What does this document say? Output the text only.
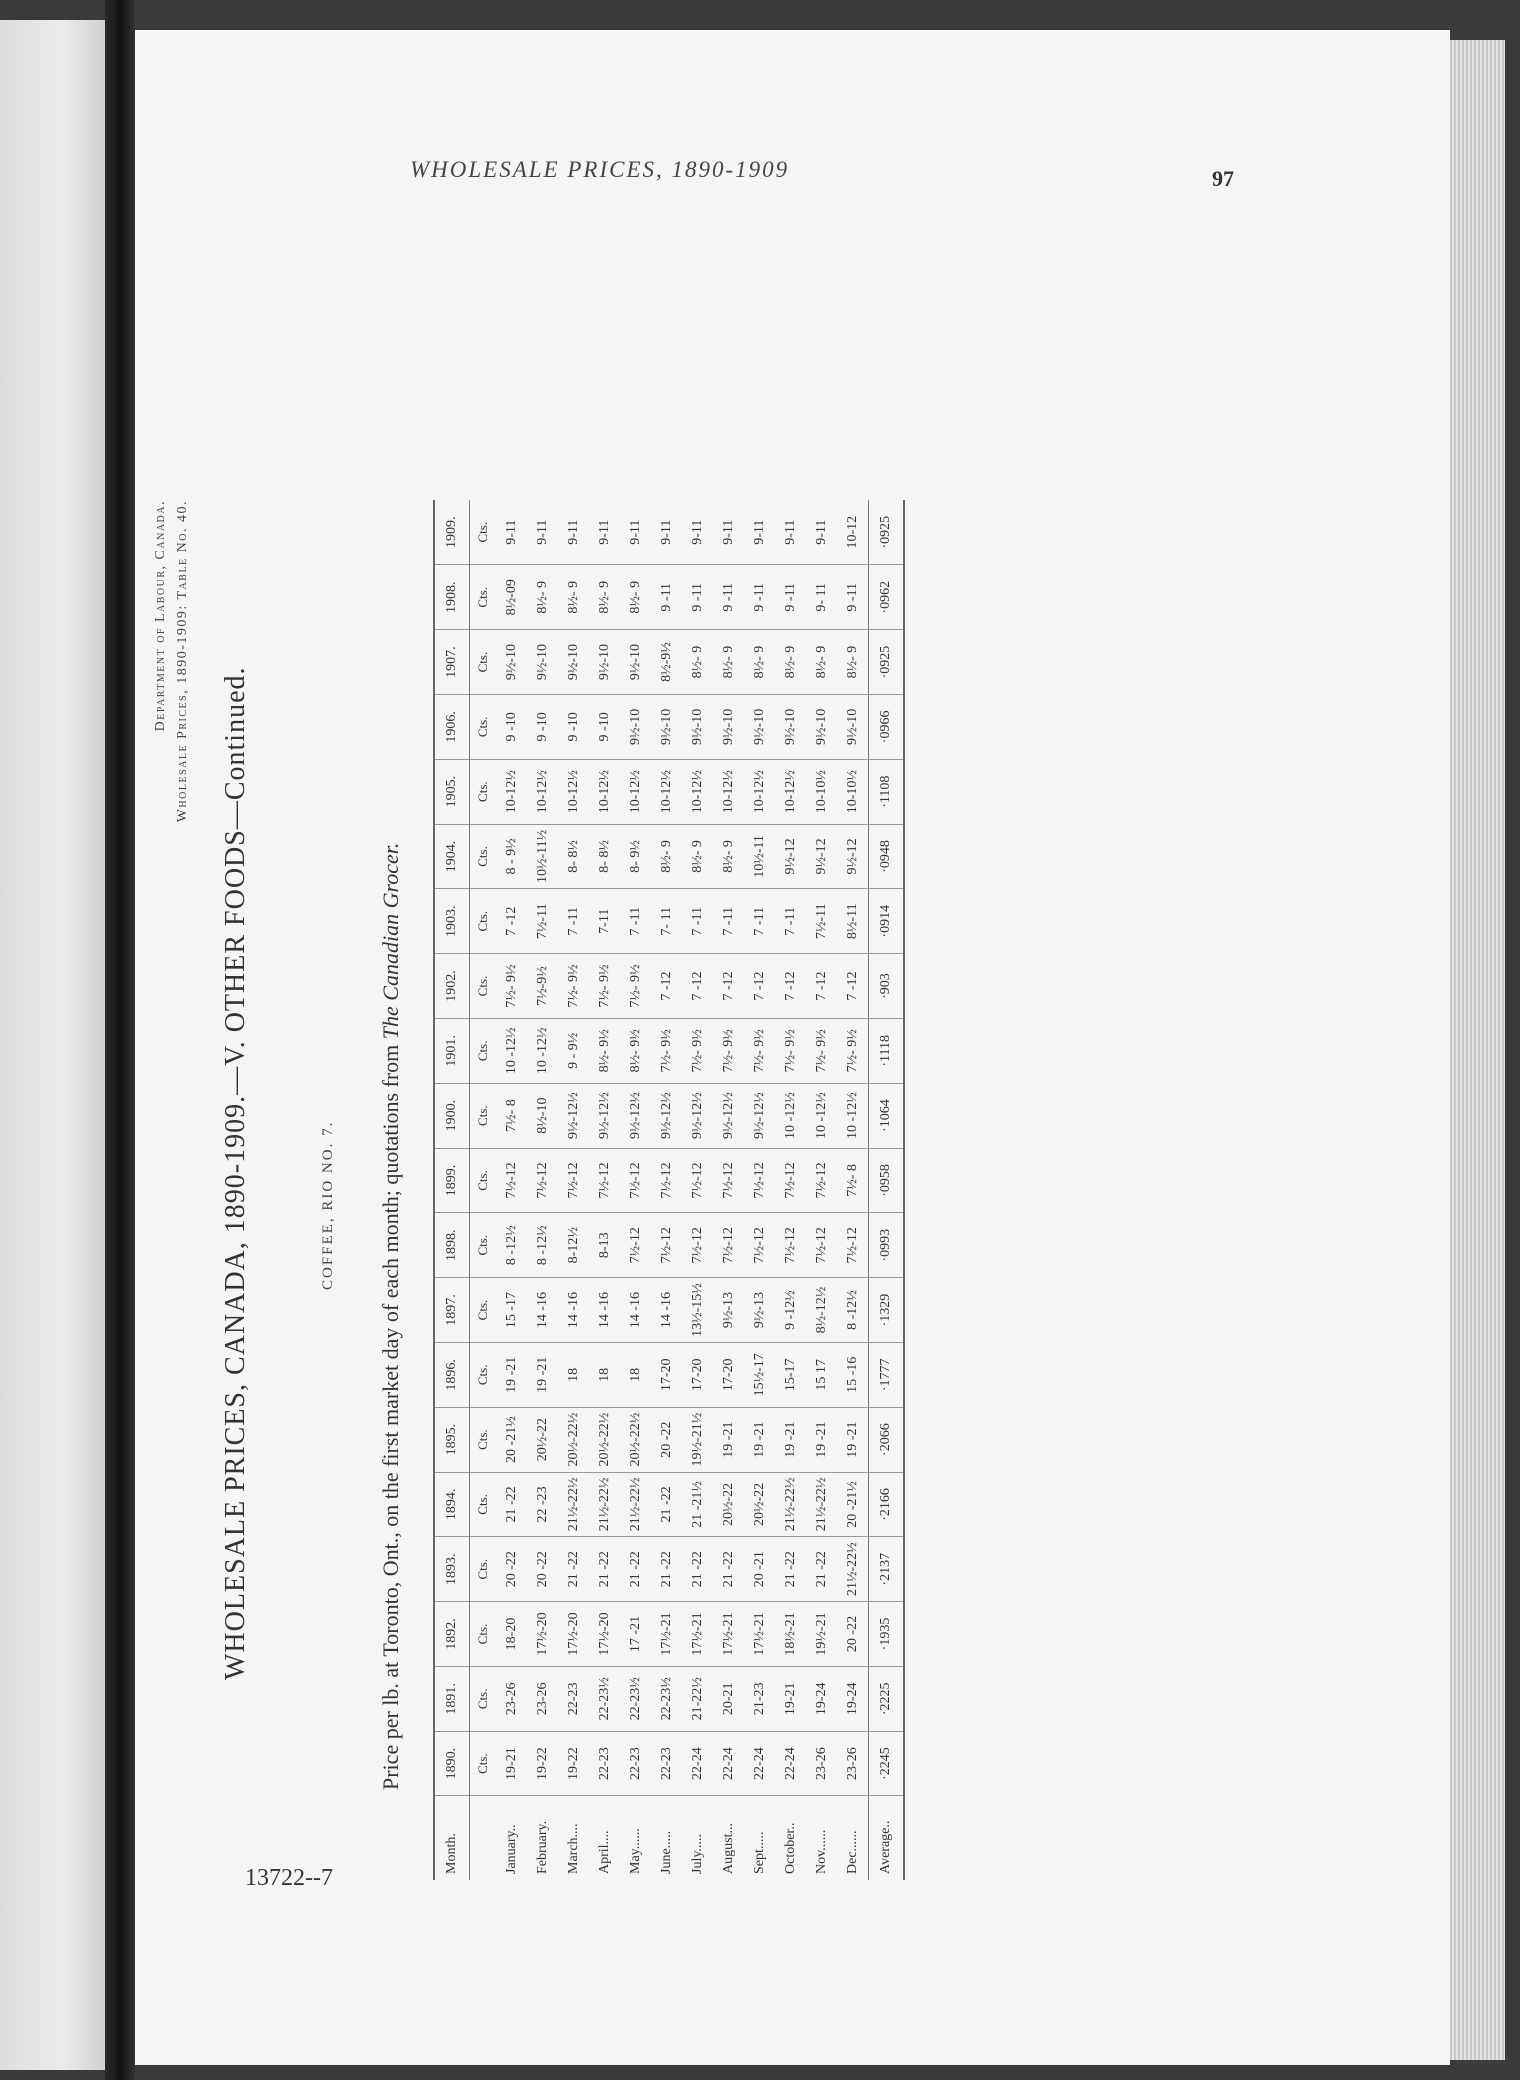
WHOLESALE PRICES, 1890-1909	97
13722--7
Department of Labour, Canada. Wholesale Prices, 1890-1909: Table No. 40.
WHOLESALE PRICES, CANADA, 1890-1909.—V. OTHER FOODS—Continued.	COFFEE, RIO NO. 7. Price per lb. at Toronto, Ont., on the first market day of each month; quotations from The Canadian Grocer.
Month.	1890.	1891.	1892.	1893.	1894.	1895.	1896.	1897.	1898.	1899.	1900.	1901.	1902.	1903.	1904.	1905.	1906.	1907.	1908.	1909.
	Cts.	Cts.	Cts.	Cts.	Cts.	Cts.	Cts.	Cts.	Cts.	Cts.	Cts.	Cts.	Cts.	Cts.	Cts.	Cts.	Cts.	Cts.	Cts.	Cts.
January..	19-21	23-26	18-20	20 -22	21 -22	20 -21½	19 -21	15 -17	8 -12½	7½-12	7½- 8	10 -12½	7½- 9½	7 -12	8 - 9½	10-12½	9 -10	9½-10	8½-09	9-11
February.	19-22	23-26	17½-20	20 -22	22 -23	20½-22	19 -21	14 -16	8 -12½	7½-12	8½-10	10 -12½	7½-9½	7½-11	10½-11½	10-12½	9 -10	9½-10	8½- 9	9-11
March....	19-22	22-23	17½-20	21 -22	21½-22½	20½-22½	18	14 -16	8-12½	7½-12	9½-12½	9 - 9½	7½- 9½	7 -11	8- 8½	10-12½	9 -10	9½-10	8½- 9	9-11
April....	22-23	22-23½	17½-20	21 -22	21½-22½	20½-22½	18	14 -16	8-13	7½-12	9½-12½	8½- 9½	7½- 9½	7-11	8- 8½	10-12½	9 -10	9½-10	8½- 9	9-11
May......	22-23	22-23½	17 -21	21 -22	21½-22½	20½-22½	18	14 -16	7½-12	7½-12	9½-12½	8½- 9½	7½- 9½	7 -11	8- 9½	10-12½	9½-10	9½-10	8½- 9	9-11
June.....	22-23	22-23½	17½-21	21 -22	21 -22	20 -22	17-20	14 -16	7½-12	7½-12	9½-12½	7½- 9½	7 -12	7- 11	8½- 9	10-12½	9½-10	8½-9½	9 -11	9-11
July.....	22-24	21-22½	17½-21	21 -22	21 -21½	19½-21½	17-20	13½-15½	7½-12	7½-12	9½-12½	7½- 9½	7 -12	7 -11	8½- 9	10-12½	9½-10	8½- 9	9 -11	9-11
August...	22-24	20-21	17½-21	21 -22	20½-22	19 -21	17-20	9½-13	7½-12	7½-12	9½-12½	7½- 9½	7 -12	7 -11	8½- 9	10-12½	9½-10	8½- 9	9 -11	9-11
Sept.....	22-24	21-23	17½-21	20 -21	20½-22	19 -21	15½-17	9½-13	7½-12	7½-12	9½-12½	7½- 9½	7 -12	7 -11	10½-11	10-12½	9½-10	8½- 9	9 -11	9-11
October..	22-24	19-21	18½-21	21 -22	21½-22½	19 -21	15-17	9 -12½	7½-12	7½-12	10 -12½	7½- 9½	7 -12	7 -11	9½-12	10-12½	9½-10	8½- 9	9 -11	9-11
Nov......	23-26	19-24	19½-21	21 -22	21½-22½	19 -21	15 17	8½-12½	7½-12	7½-12	10 -12½	7½- 9½	7 -12	7½-11	9½-12	10-10½	9½-10	8½- 9	9- 11	9-11
Dec......	23-26	19-24	20 -22	21½-22½	20 -21½	19 -21	15 -16	8 -12½	7½-12	7½- 8	10 -12½	7½- 9½	7 -12	8½-11	9½-12	10-10½	9½-10	8½- 9	9 -11	10-12
Average..	·2245	·2225	·1935	·2137	·2166	·2066	·1777	·1329	·0993	·0958	·1064	·1118	·903	·0914	·0948	·1108	·0966	·0925	·0962	·0925
